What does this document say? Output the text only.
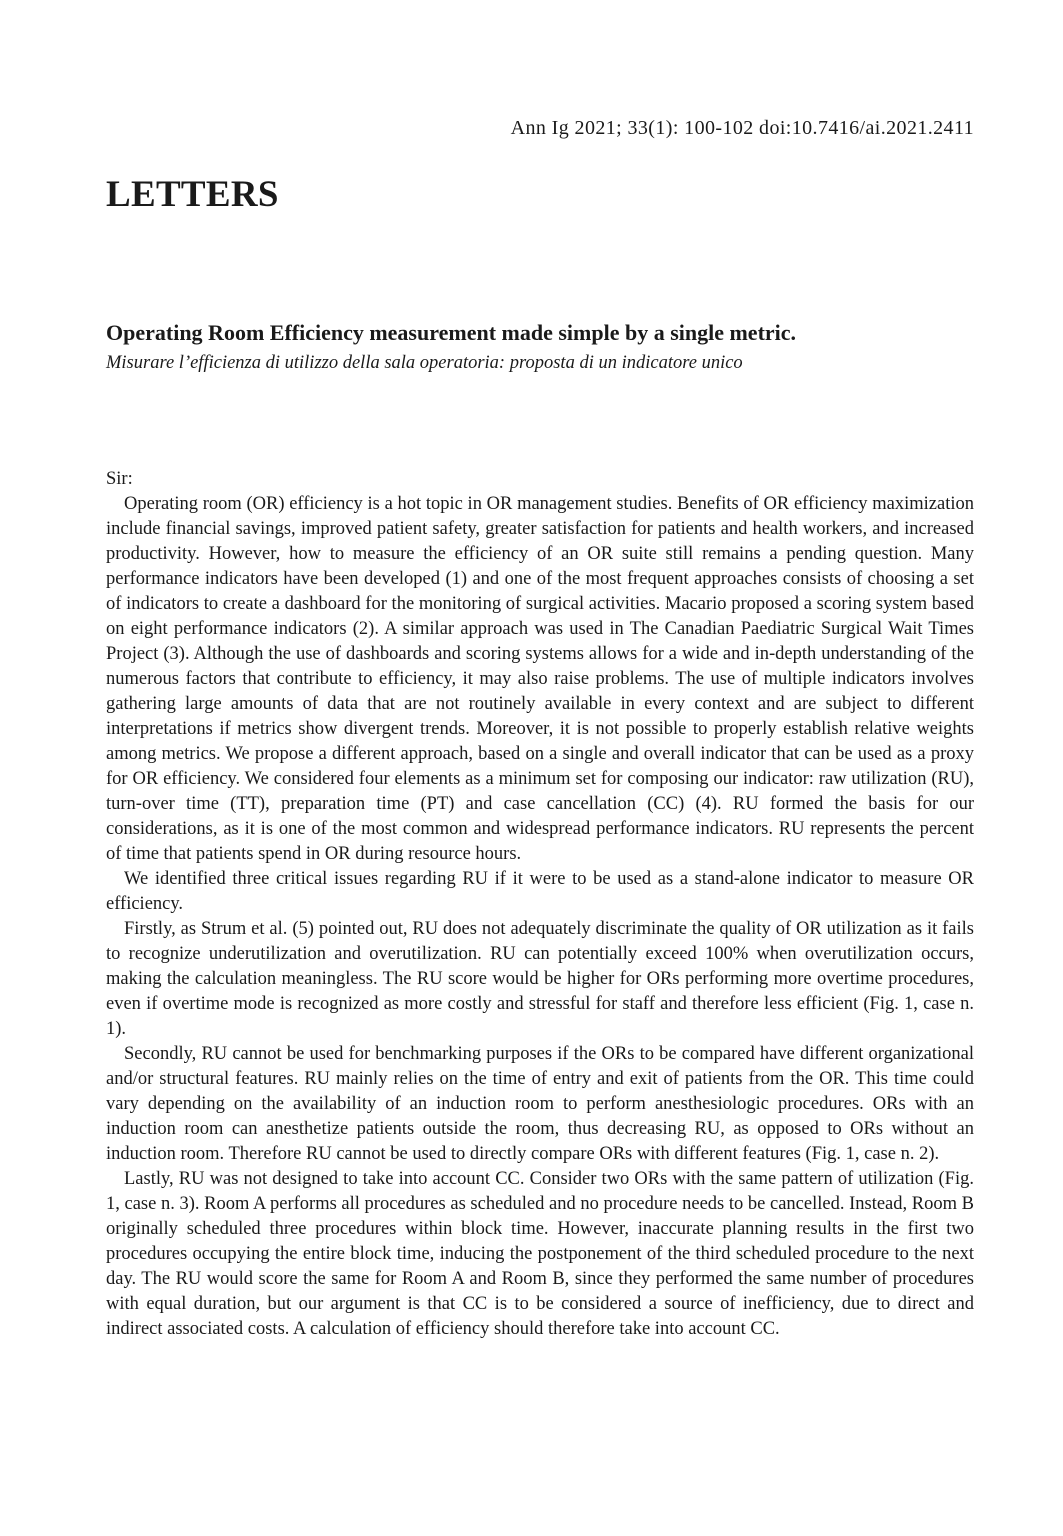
Ann Ig 2021; 33(1): 100-102 doi:10.7416/ai.2021.2411
LETTERS
Operating Room Efficiency measurement made simple by a single metric.

Misurare l’efficienza di utilizzo della sala operatoria: proposta di un indicatore unico

Sir:

Operating room (OR) efficiency is a hot topic in OR management studies. Benefits of OR efficiency maximization include financial savings, improved patient safety, greater satisfaction for patients and health workers, and increased productivity. However, how to measure the efficiency of an OR suite still remains a pending question. Many performance indicators have been developed (1) and one of the most frequent approaches consists of choosing a set of indicators to create a dashboard for the monitoring of surgical activities. Macario proposed a scoring system based on eight performance indicators (2). A similar approach was used in The Canadian Paediatric Surgical Wait Times Project (3). Although the use of dashboards and scoring systems allows for a wide and in-depth understanding of the numerous factors that contribute to efficiency, it may also raise problems. The use of multiple indicators involves gathering large amounts of data that are not routinely available in every context and are subject to different interpretations if metrics show divergent trends. Moreover, it is not possible to properly establish relative weights among metrics. We propose a different approach, based on a single and overall indicator that can be used as a proxy for OR efficiency. We considered four elements as a minimum set for composing our indicator: raw utilization (RU), turn-over time (TT), preparation time (PT) and case cancellation (CC) (4). RU formed the basis for our considerations, as it is one of the most common and widespread performance indicators. RU represents the percent of time that patients spend in OR during resource hours.

We identified three critical issues regarding RU if it were to be used as a stand-alone indicator to measure OR efficiency.

Firstly, as Strum et al. (5) pointed out, RU does not adequately discriminate the quality of OR utilization as it fails to recognize underutilization and overutilization. RU can potentially exceed 100% when overutilization occurs, making the calculation meaningless. The RU score would be higher for ORs performing more overtime procedures, even if overtime mode is recognized as more costly and stressful for staff and therefore less efficient (Fig. 1, case n. 1).

Secondly, RU cannot be used for benchmarking purposes if the ORs to be compared have different organizational and/or structural features. RU mainly relies on the time of entry and exit of patients from the OR. This time could vary depending on the availability of an induction room to perform anesthesiologic procedures. ORs with an induction room can anesthetize patients outside the room, thus decreasing RU, as opposed to ORs without an induction room. Therefore RU cannot be used to directly compare ORs with different features (Fig. 1, case n. 2).

Lastly, RU was not designed to take into account CC. Consider two ORs with the same pattern of utilization (Fig. 1, case n. 3). Room A performs all procedures as scheduled and no procedure needs to be cancelled. Instead, Room B originally scheduled three procedures within block time. However, inaccurate planning results in the first two procedures occupying the entire block time, inducing the postponement of the third scheduled procedure to the next day. The RU would score the same for Room A and Room B, since they performed the same number of procedures with equal duration, but our argument is that CC is to be considered a source of inefficiency, due to direct and indirect associated costs. A calculation of efficiency should therefore take into account CC.
